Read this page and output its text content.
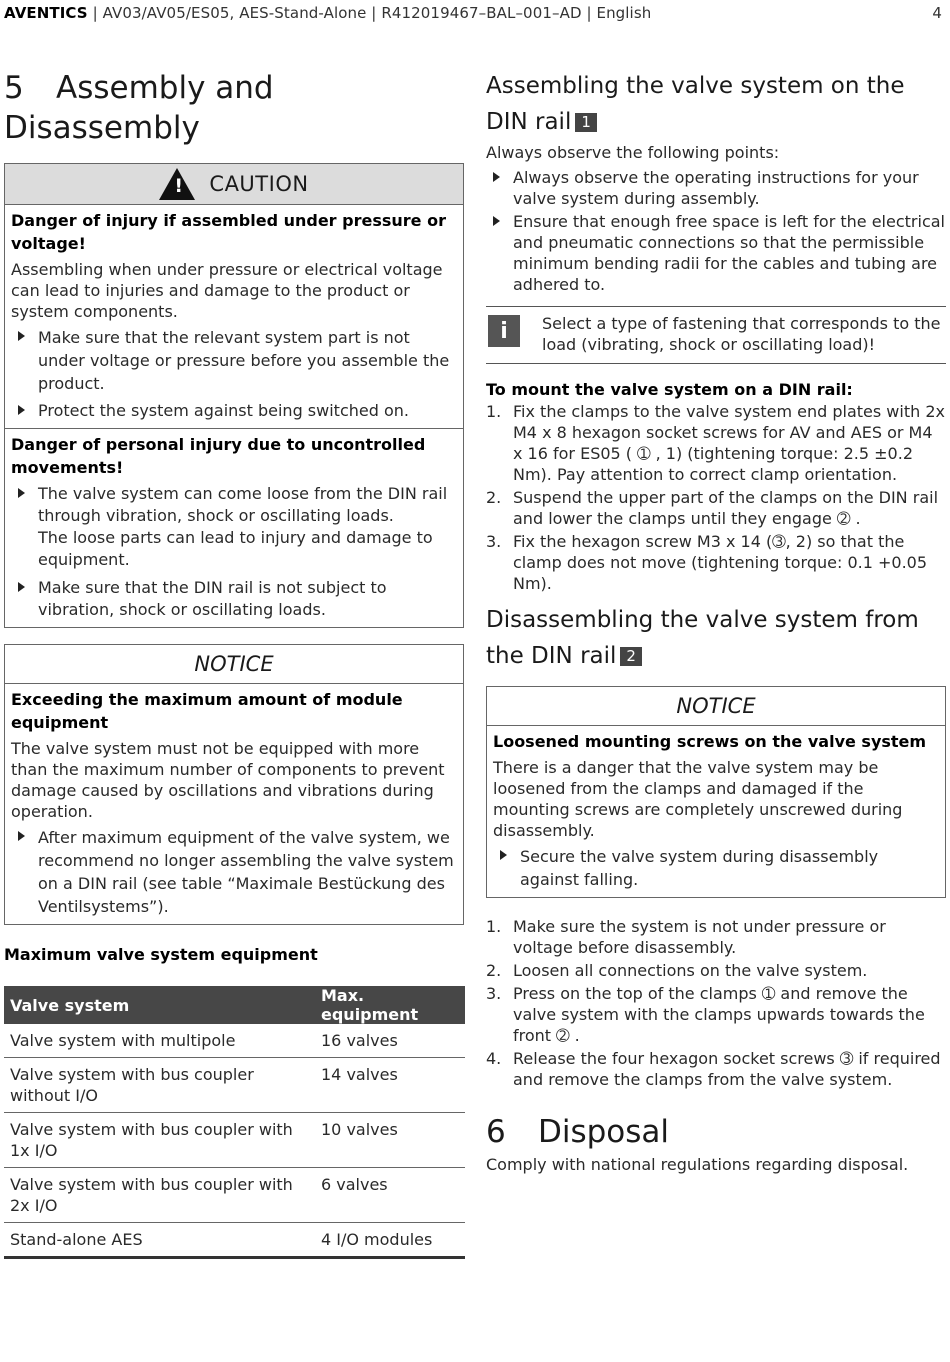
AVENTICS | AV03/AV05/ES05, AES-Stand-Alone | R412019467–BAL–001–AD | English	4
5 Assembly and Disassembly
! CAUTION

Danger of injury if assembled under pressure or voltage!

Assembling when under pressure or electrical voltage can lead to injuries and damage to the product or system components.

Make sure that the relevant system part is not under voltage or pressure before you assemble the product.
Protect the system against being switched on.

Danger of personal injury due to uncontrolled movements!

The valve system can come loose from the DIN rail through vibration, shock or oscillating loads.
The loose parts can lead to injury and damage to equipment.
Make sure that the DIN rail is not subject to vibration, shock or oscillating loads.
NOTICE

Exceeding the maximum amount of module equipment

The valve system must not be equipped with more than the maximum number of components to prevent damage caused by oscillations and vibrations during operation.

After maximum equipment of the valve system, we recommend no longer assembling the valve system on a DIN rail (see table “Maximale Bestückung des Ventilsystems”).

Maximum valve system equipment

Valve system	Max. equipment
Valve system with multipole	16 valves
Valve system with bus coupler without I/O	14 valves
Valve system with bus coupler with 1x I/O	10 valves
Valve system with bus coupler with 2x I/O	6 valves
Stand-alone AES	4 I/O modules
Assembling the valve system on the DIN rail 1

Always observe the following points:

Always observe the operating instructions for your valve system during assembly.
Ensure that enough free space is left for the electrical and pneumatic connections so that the permissible minimum bending radii for the cables and tubing are adhered to.
i	Select a type of fastening that corresponds to the load (vibrating, shock or oscillating load)!

To mount the valve system on a DIN rail:

1. Fix the clamps to the valve system end plates with 2x M4 x 8 hexagon socket screws for AV and AES or M4 x 16 for ES05 ( ➀ , 1) (tightening torque: 2.5 ±0.2 Nm). Pay attention to correct clamp orientation.
2. Suspend the upper part of the clamps on the DIN rail and lower the clamps until they engage ➁ .
3. Fix the hexagon screw M3 x 14 (➂, 2) so that the clamp does not move (tightening torque: 0.1 +0.05 Nm).
Disassembling the valve system from the DIN rail 2
NOTICE

Loosened mounting screws on the valve system

There is a danger that the valve system may be loosened from the clamps and damaged if the mounting screws are completely unscrewed during disassembly.

Secure the valve system during disassembly against falling.
1. Make sure the system is not under pressure or voltage before disassembly.
2. Loosen all connections on the valve system.
3. Press on the top of the clamps ➀ and remove the valve system with the clamps upwards towards the front ➁ .
4. Release the four hexagon socket screws ➂ if required and remove the clamps from the valve system.
6 Disposal

Comply with national regulations regarding disposal.
